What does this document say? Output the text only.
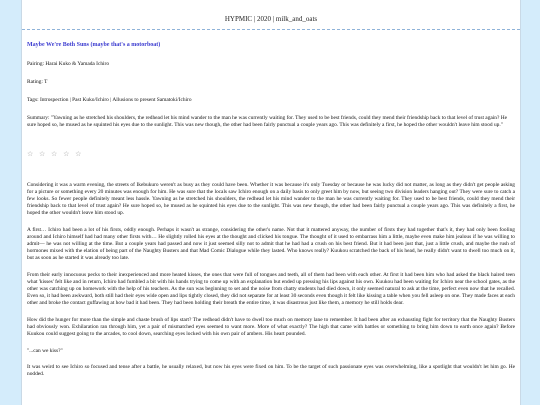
HYPMIC | 2020 | milk_and_oats

Maybe We're Both Suns (maybe that's a motorboat)

Pairing: Harai Kuko & Yamada Ichiro

Rating: T

Tags: Introspection | Past Kuko/Ichiro | Allusions to present Samatoki/Ichiro

Summary: "Yawning as he stretched his shoulders, the redhead let his mind wander to the man he was currently waiting for. They used to be best friends, could they mend their friendship back to that level of trust again? He sure hoped so, he mused as he squinted his eyes due to the sunlight. This was new though, the other had been fairly punctual a couple years ago. This was definitely a first, he hoped the other wouldn't leave him stood up."

☆ ☆ ☆ ☆ ☆

Considering it was a warm evening, the streets of Ikebukuro weren't as busy as they could have been. Whether it was because it's only Tuesday or because he was lucky did not matter, as long as they didn't get people asking for a picture or something every 20 minutes was enough for him. He was sure that the locals saw Ichiro enough on a daily basis to only greet him by now, but seeing two division leaders hanging out? They were sure to catch a few looks. So fewer people definitely meant less hassle. Yawning as he stretched his shoulders, the redhead let his mind wander to the man he was currently waiting for. They used to be best friends, could they mend their friendship back to that level of trust again? He sure hoped so, he mused as he squinted his eyes due to the sunlight. This was new though, the other had been fairly punctual a couple years ago. This was definitely a first, he hoped the other wouldn't leave him stood up.

A first… Ichiro had been a lot of his firsts, oddly enough. Perhaps it wasn't as strange, considering the other's name. Not that it mattered anyway, the number of firsts they had together that's it, they had only been fooling around and Ichiro himself had had many other firsts with… He slightly rolled his eyes at the thought and clicked his tongue. The thought of it used to embarrass him a little, maybe even make him jealous if he was willing to admit— he was not willing at the time. But a couple years had passed and now it just seemed silly not to admit that he had had a crush on his best friend. But it had been just that, just a little crush, and maybe the rush of hormones mixed with the elation of being part of the Naughty Busters and that Mad Comic Dialogue while they lasted. Who knows really? Kuukou scratched the back of his head, he really didn't want to dwell too much on it, but as soon as he started it was already too late.

From their early innocuous pecks to their inexperienced and more heated kisses, the ones that were full of tongues and teeth, all of them had been with each other. At first it had been him who had asked the black haired teen what 'kisses' felt like and in return, Ichiro had fumbled a bit with his hands trying to come up with an explanation but ended up pressing his lips against his own. Kuukou had been waiting for Ichiro near the school gates, as the other was catching up on homework with the help of his teachers. As the sun was beginning to set and the noise from chatty students had died down, it only seemed natural to ask at the time, perfect even now that he recalled. Even so, it had been awkward, both still had their eyes wide open and lips tightly closed, they did not separate for at least 30 seconds even though it felt like kissing a table when you fell asleep on one. They made faces at each other and broke the contact guffawing at how bad it had been. They had been holding their breath the entire time, it was disastrous just like them, a memory he still holds dear.

How did the hunger for more than the simple and chaste brush of lips start? The redhead didn't have to dwell too much on memory lane to remember. It had been after an exhausting fight for territory that the Naughty Busters had obviously won. Exhilaration ran through him, yet a pair of mismatched eyes seemed to want more. More of what exactly? The high that came with battles or something to bring him down to earth once again? Before Kuukou could suggest going to the arcades, to cool down, searching eyes locked with his own pair of ambers. His heart pounded.

"...can we kiss?"

It was weird to see Ichiro so focused and tense after a battle, he usually relaxed, but now his eyes were fixed on him. To be the target of such passionate eyes was overwhelming, like a spotlight that wouldn't let him go. He nodded.
